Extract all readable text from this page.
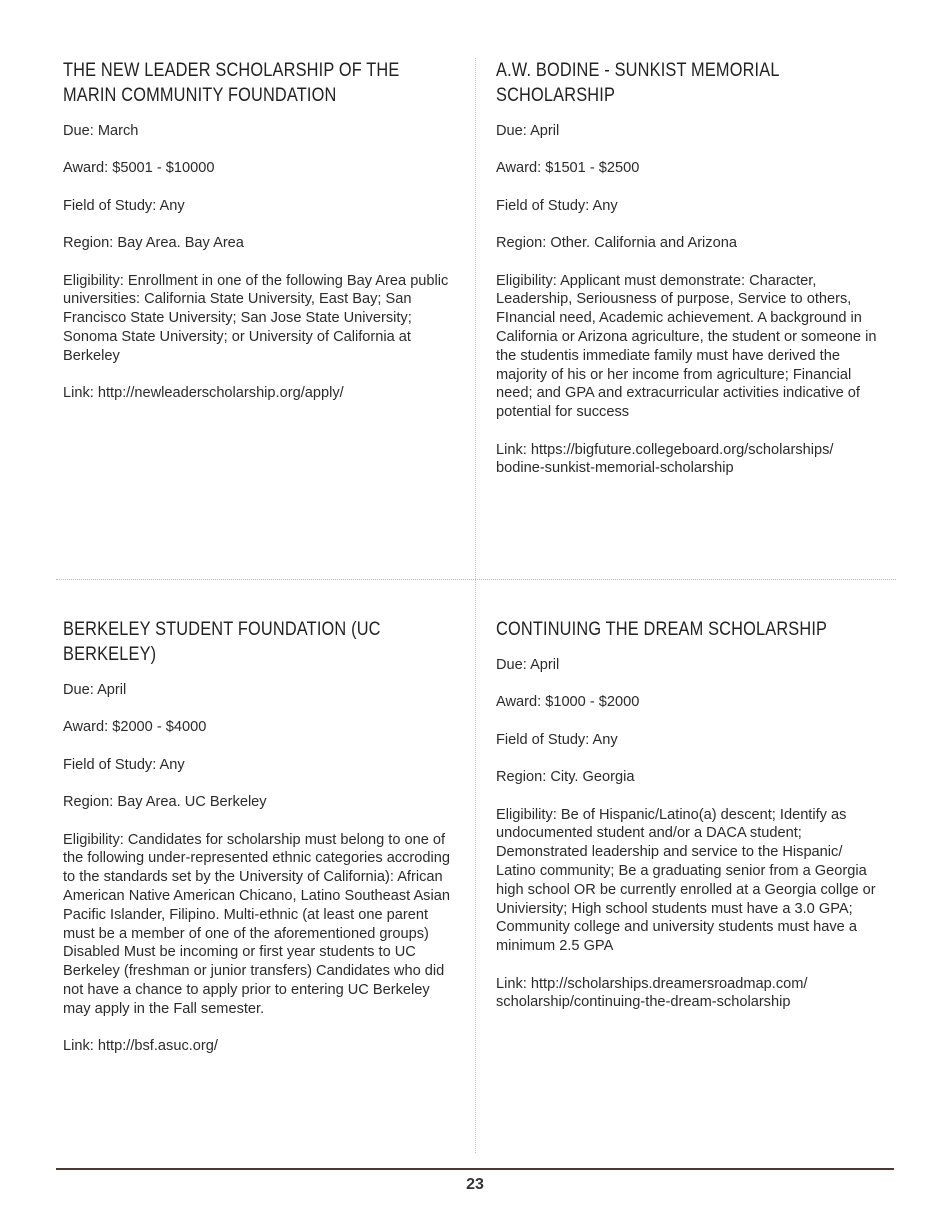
THE NEW LEADER SCHOLARSHIP OF THE MARIN COMMUNITY FOUNDATION

Due: March

Award: $5001 - $10000

Field of Study: Any

Region: Bay Area. Bay Area

Eligibility: Enrollment in one of the following Bay Area public universities: California State University, East Bay; San Francisco State University; San Jose State University; Sonoma State University; or University of California at Berkeley

Link: http://newleaderscholarship.org/apply/

A.W. BODINE - SUNKIST MEMORIAL SCHOLARSHIP

Due: April

Award: $1501 - $2500

Field of Study: Any

Region: Other. California and Arizona

Eligibility: Applicant must demonstrate: Character, Leadership, Seriousness of purpose, Service to others, FInancial need, Academic achievement. A background in California or Arizona agriculture, the student or someone in the studentis immediate family must have derived the majority of his or her income from agriculture; Financial need; and GPA and extracurricular activities indicative of potential for success

Link: https://bigfuture.collegeboard.org/scholarships/ bodine-sunkist-memorial-scholarship

BERKELEY STUDENT FOUNDATION (UC BERKELEY)

Due: April

Award: $2000 - $4000

Field of Study: Any

Region: Bay Area. UC Berkeley

Eligibility: Candidates for scholarship must belong to one of the following under-represented ethnic categories accroding to the standards set by the University of California): African American Native American Chicano, Latino Southeast Asian Pacific Islander, Filipino. Multi-ethnic (at least one parent must be a member of one of the aforementioned groups) Disabled Must be incoming or first year students to UC Berkeley (freshman or junior transfers) Candidates who did not have a chance to apply prior to entering UC Berkeley may apply in the Fall semester.

Link: http://bsf.asuc.org/

CONTINUING THE DREAM SCHOLARSHIP

Due: April

Award: $1000 - $2000

Field of Study: Any

Region: City. Georgia

Eligibility: Be of Hispanic/Latino(a) descent; Identify as undocumented student and/or a DACA student; Demonstrated leadership and service to the Hispanic/ Latino community; Be a graduating senior from a Georgia high school OR be currently enrolled at a Georgia collge or Univiersity; High school students must have a 3.0 GPA; Community college and university students must have a minimum 2.5 GPA

Link: http://scholarships.dreamersroadmap.com/ scholarship/continuing-the-dream-scholarship

23
